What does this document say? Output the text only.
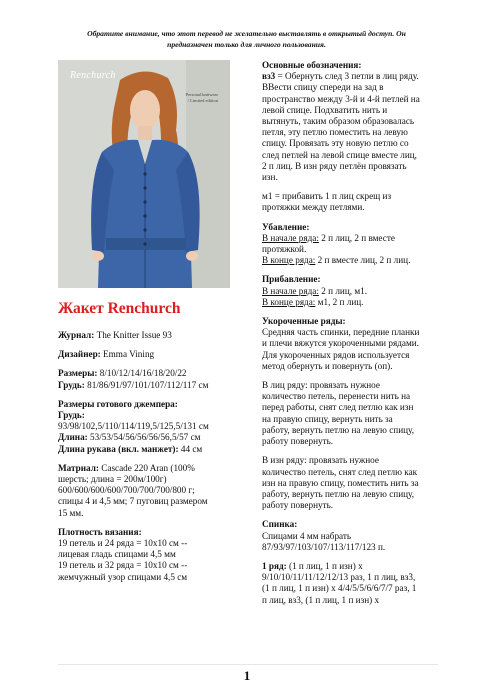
Обратите внимание, что этот перевод не желательно выставлять в открытый доступ. Он
предназначен только для личного пользования.
Renchurch
Personal knitwear / Limited edition
Жакет Renchurch
Журнал: The Knitter Issue 93
Дизайнер: Emma Vining
Размеры: 8/10/12/14/16/18/20/22
Грудь: 81/86/91/97/101/107/112/117 см
Размеры готового джемпера:
Грудь:
93/98/102,5/110/114/119,5/125,5/131 см
Длина: 53/53/54/56/56/56/56,5/57 см
Длина рукава (вкл. манжет): 44 см
Матриал: Cascade 220 Aran (100%
шерсть; длина = 200м/100г)
600/600/600/600/700/700/700/800 г;
спицы 4 и 4,5 мм; 7 пуговиц размером
15 мм.
Плотность вязания:
19 петель и 24 ряда = 10х10 см --
лицевая гладь спицами 4,5 мм
19 петель и 32 ряда = 10х10 см --
жемчужный узор спицами 4,5 см
Основные обозначения:
вз3 = Обернуть след 3 петли в лиц ряду.
ВВести спицу спереди на зад в
пространство между 3-й и 4-й петлей на
левой спице. Подхватить нить и
вытянуть, таким образом образовалась
петля, эту петлю поместить на левую
спицу. Провязать эту новую петлю со
след петлей на левой спице вместе лиц,
2 п лиц. В изн ряду петлён провязать
изн.
м1 = прибавить 1 п лиц скрещ из
протяжки между петлями.
Убавление:
В начале ряда: 2 п лиц, 2 п вместе
протяжкой.
В конце ряда: 2 п вместе лиц, 2 п лиц.
Прибавление:
В начале ряда: 2 п лиц, м1.
В конце ряда: м1, 2 п лиц.
Укороченные ряды:
Средняя часть спинки, передние планки
и плечи вяжутся укороченными рядами.
Для укороченных рядов используется
метод обернуть и повернуть (оп).
В лиц ряду: провязать нужное
количество петель, перенести нить на
перед работы, снят след петлю как изн
на правую спицу, вернуть нить за
работу, вернуть петлю на левую спицу,
работу повернуть.
В изн ряду: провязать нужное
количество петель, снят след петлю как
изн на правую спицу, поместить нить за
работу, вернуть петлю на левую спицу,
работу повернуть.
Спинка:
Спицами 4 мм набрать
87/93/97/103/107/113/117/123 п.
1 ряд: (1 п лиц, 1 п изн) х
9/10/10/11/11/12/12/13 раз, 1 п лиц, вз3,
(1 п лиц, 1 п изн) х 4/4/5/5/6/6/7/7 раз, 1
п лиц, вз3, (1 п лиц, 1 п изн) х
1
